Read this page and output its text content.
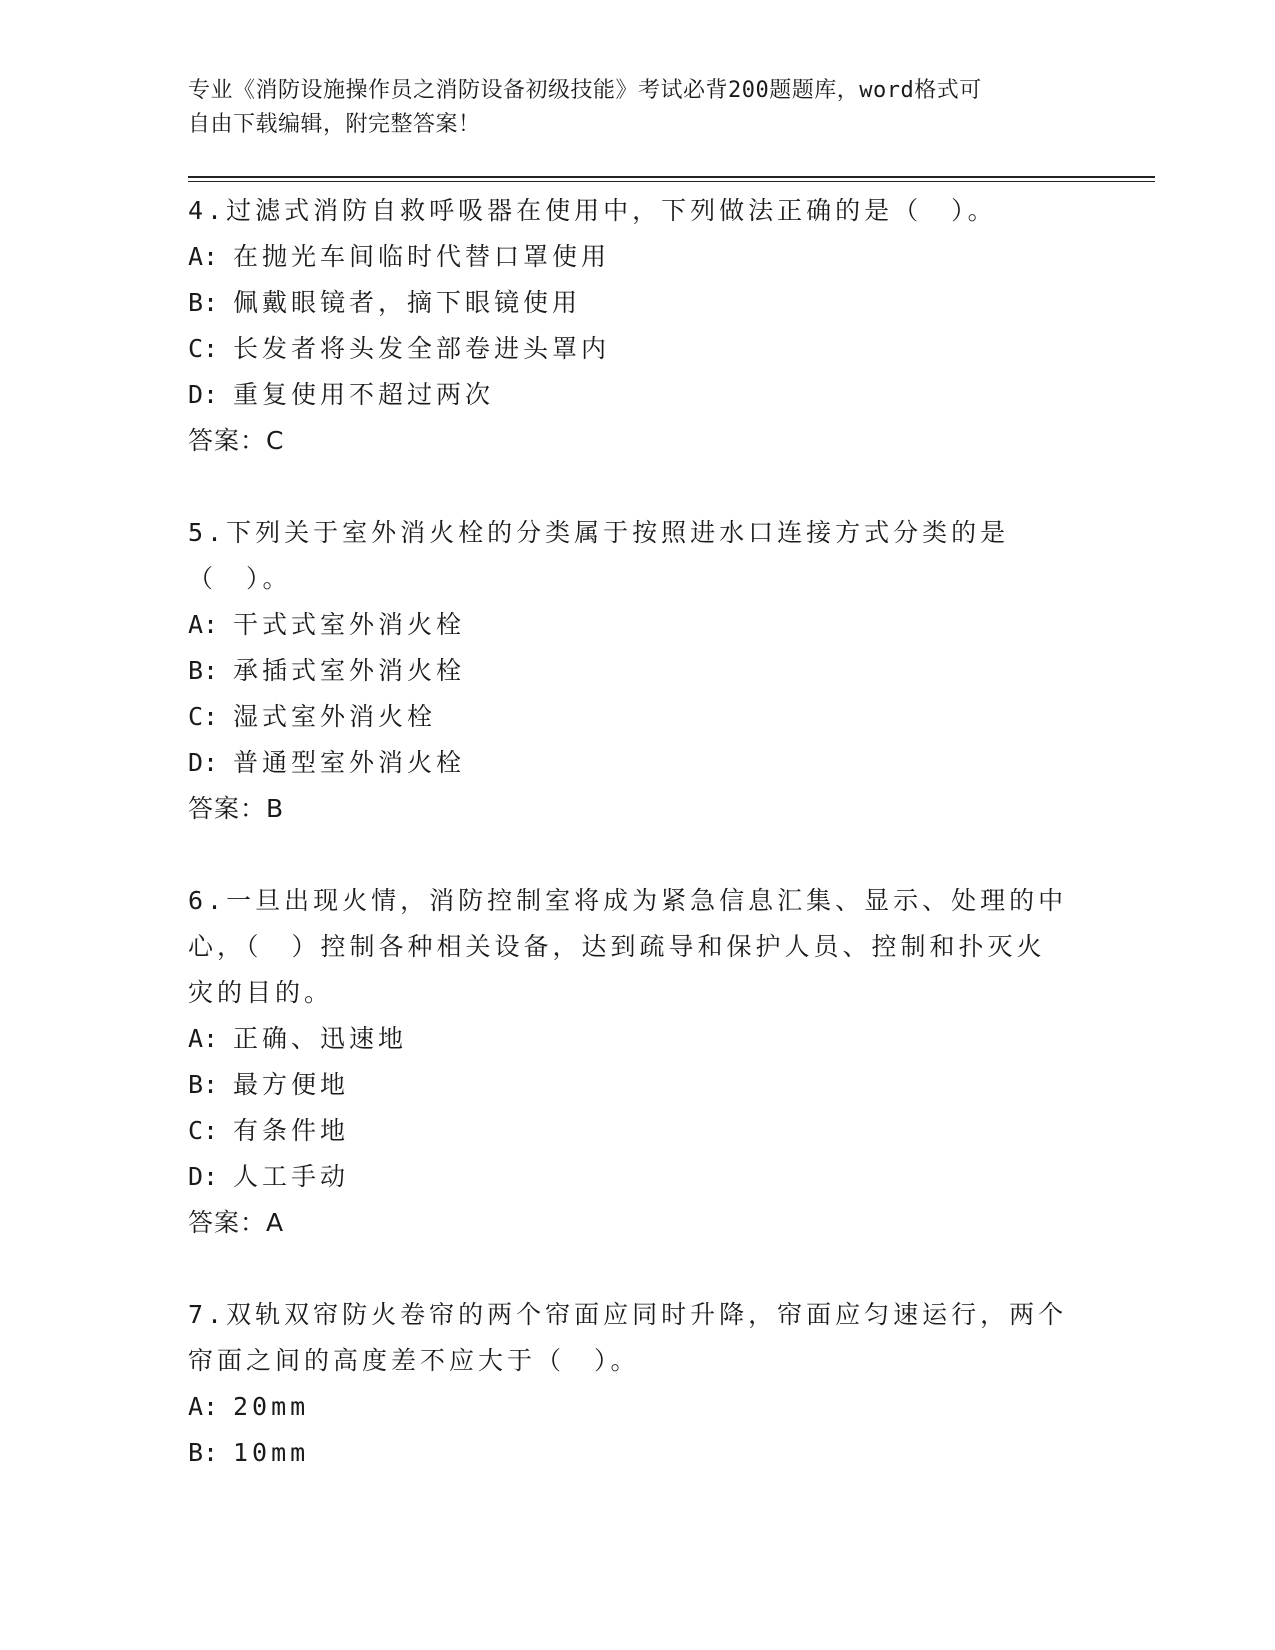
专业《消防设施操作员之消防设备初级技能》考试必背200题题库，word格式可
自由下载编辑，附完整答案！
4.过滤式消防自救呼吸器在使用中，下列做法正确的是（　）。
A: 在抛光车间临时代替口罩使用
B: 佩戴眼镜者，摘下眼镜使用
C: 长发者将头发全部卷进头罩内
D: 重复使用不超过两次
答案：C
5.下列关于室外消火栓的分类属于按照进水口连接方式分类的是（　）。
A: 干式式室外消火栓
B: 承插式室外消火栓
C: 湿式室外消火栓
D: 普通型室外消火栓
答案：B
6.一旦出现火情，消防控制室将成为紧急信息汇集、显示、处理的中心，（　）控制各种相关设备，达到疏导和保护人员、控制和扑灭火灾的目的。
A: 正确、迅速地
B: 最方便地
C: 有条件地
D: 人工手动
答案：A
7.双轨双帘防火卷帘的两个帘面应同时升降，帘面应匀速运行，两个帘面之间的高度差不应大于（　）。
A: 20mm
B: 10mm
